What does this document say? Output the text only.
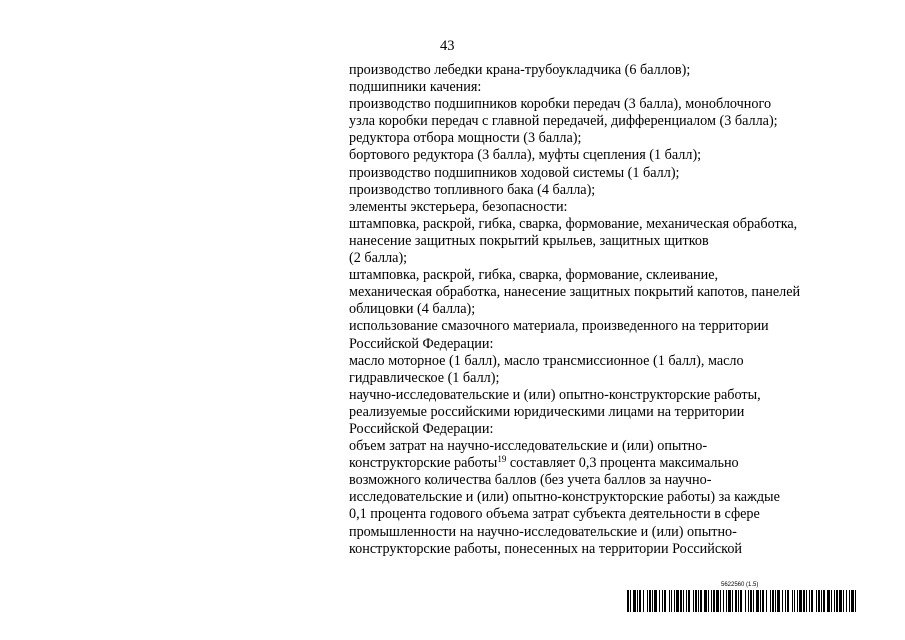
43
производство лебедки крана-трубоукладчика (6 баллов);
подшипники качения:
производство подшипников коробки передач (3 балла), моноблочного
узла коробки передач с главной передачей, дифференциалом (3 балла);
редуктора отбора мощности (3 балла);
бортового редуктора (3 балла), муфты сцепления (1 балл);
производство подшипников ходовой системы (1 балл);
производство топливного бака (4 балла);
элементы экстерьера, безопасности:
штамповка, раскрой, гибка, сварка, формование, механическая обработка,
нанесение защитных покрытий крыльев, защитных щитков
(2 балла);
штамповка, раскрой, гибка, сварка, формование, склеивание,
механическая обработка, нанесение защитных покрытий капотов, панелей
облицовки (4 балла);
использование смазочного материала, произведенного на территории
Российской Федерации:
масло моторное (1 балл), масло трансмиссионное (1 балл), масло
гидравлическое (1 балл);
научно-исследовательские и (или) опытно-конструкторские работы,
реализуемые российскими юридическими лицами на территории
Российской Федерации:
объем затрат на научно-исследовательские и (или) опытно-
конструкторские работы$^{19}$ составляет 0,3 процента максимально
возможного количества баллов (без учета баллов за научно-
исследовательские и (или) опытно-конструкторские работы) за каждые
0,1 процента годового объема затрат субъекта деятельности в сфере
промышленности на научно-исследовательские и (или) опытно-
конструкторские работы, понесенных на территории Российской
5622560 (1.5)
